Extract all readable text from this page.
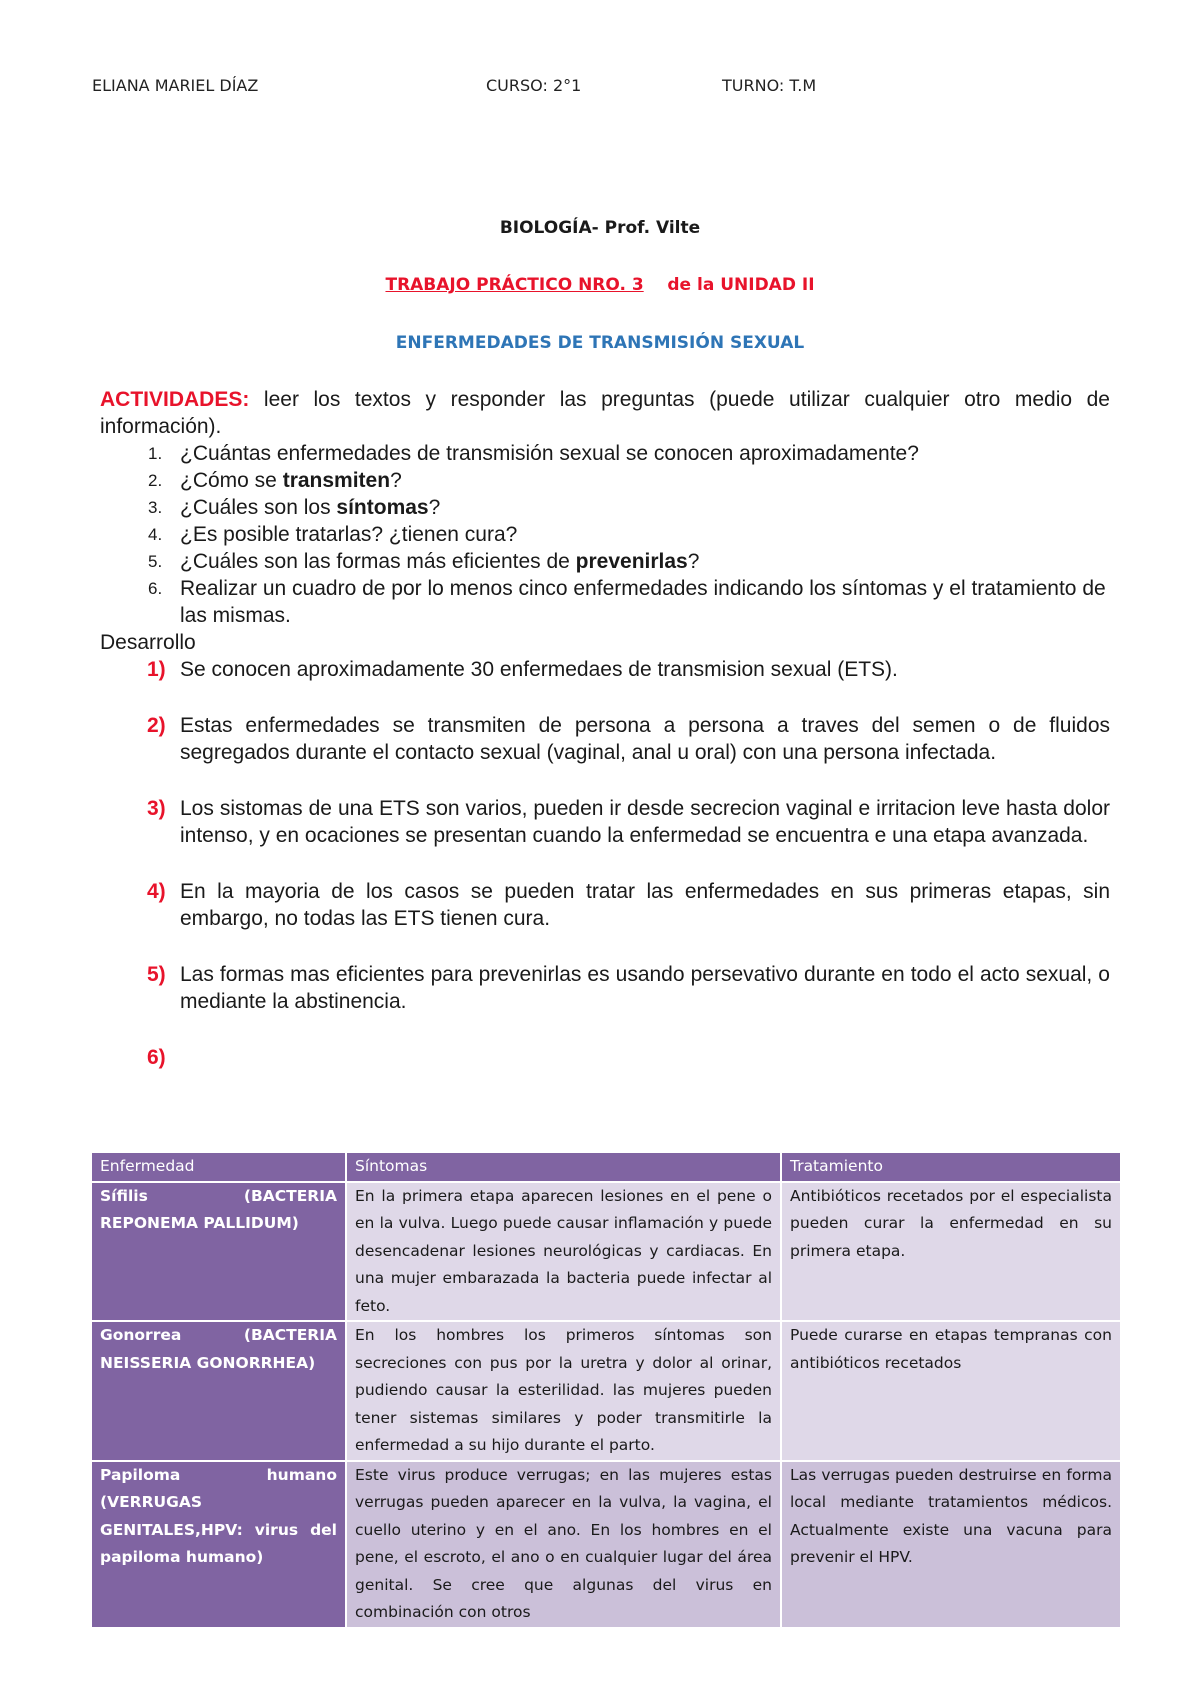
ELIANA MARIEL DÍAZ	CURSO: 2°1	TURNO: T.M
BIOLOGÍA- Prof. Vilte
TRABAJO PRÁCTICO NRO. 3 de la UNIDAD II
ENFERMEDADES DE TRANSMISIÓN SEXUAL

ACTIVIDADES: leer los textos y responder las preguntas (puede utilizar cualquier otro medio de información).

1. ¿Cuántas enfermedades de transmisión sexual se conocen aproximadamente?
2. ¿Cómo se transmiten?
3. ¿Cuáles son los síntomas?
4. ¿Es posible tratarlas? ¿tienen cura?
5. ¿Cuáles son las formas más eficientes de prevenirlas?
6. Realizar un cuadro de por lo menos cinco enfermedades indicando los síntomas y el tratamiento de las mismas.

Desarrollo

1) Se conocen aproximadamente 30 enfermedaes de transmision sexual (ETS).

2) Estas enfermedades se transmiten de persona a persona a traves del semen o de fluidos segregados durante el contacto sexual (vaginal, anal u oral) con una persona infectada.

3) Los sistomas de una ETS son varios, pueden ir desde secrecion vaginal e irritacion leve hasta dolor intenso, y en ocaciones se presentan cuando la enfermedad se encuentra e una etapa avanzada.

4) En la mayoria de los casos se pueden tratar las enfermedades en sus primeras etapas, sin embargo, no todas las ETS tienen cura.

5) Las formas mas eficientes para prevenirlas es usando persevativo durante en todo el acto sexual, o mediante la abstinencia.

6)

Enfermedad	Síntomas	Tratamiento
Sífilis (BACTERIA REPONEMA PALLIDUM)	En la primera etapa aparecen lesiones en el pene o en la vulva. Luego puede causar inflamación y puede desencadenar lesiones neurológicas y cardiacas. En una mujer embarazada la bacteria puede infectar al feto.	Antibióticos recetados por el especialista pueden curar la enfermedad en su primera etapa.
Gonorrea (BACTERIA NEISSERIA GONORRHEA)	En los hombres los primeros síntomas son secreciones con pus por la uretra y dolor al orinar, pudiendo causar la esterilidad. las mujeres pueden tener sistemas similares y poder transmitirle la enfermedad a su hijo durante el parto.	Puede curarse en etapas tempranas con antibióticos recetados
Papiloma humano (VERRUGAS GENITALES,HPV: virus del papiloma humano)	Este virus produce verrugas; en las mujeres estas verrugas pueden aparecer en la vulva, la vagina, el cuello uterino y en el ano. En los hombres en el pene, el escroto, el ano o en cualquier lugar del área genital. Se cree que algunas del virus en combinación con otros	Las verrugas pueden destruirse en forma local mediante tratamientos médicos. Actualmente existe una vacuna para prevenir el HPV.
